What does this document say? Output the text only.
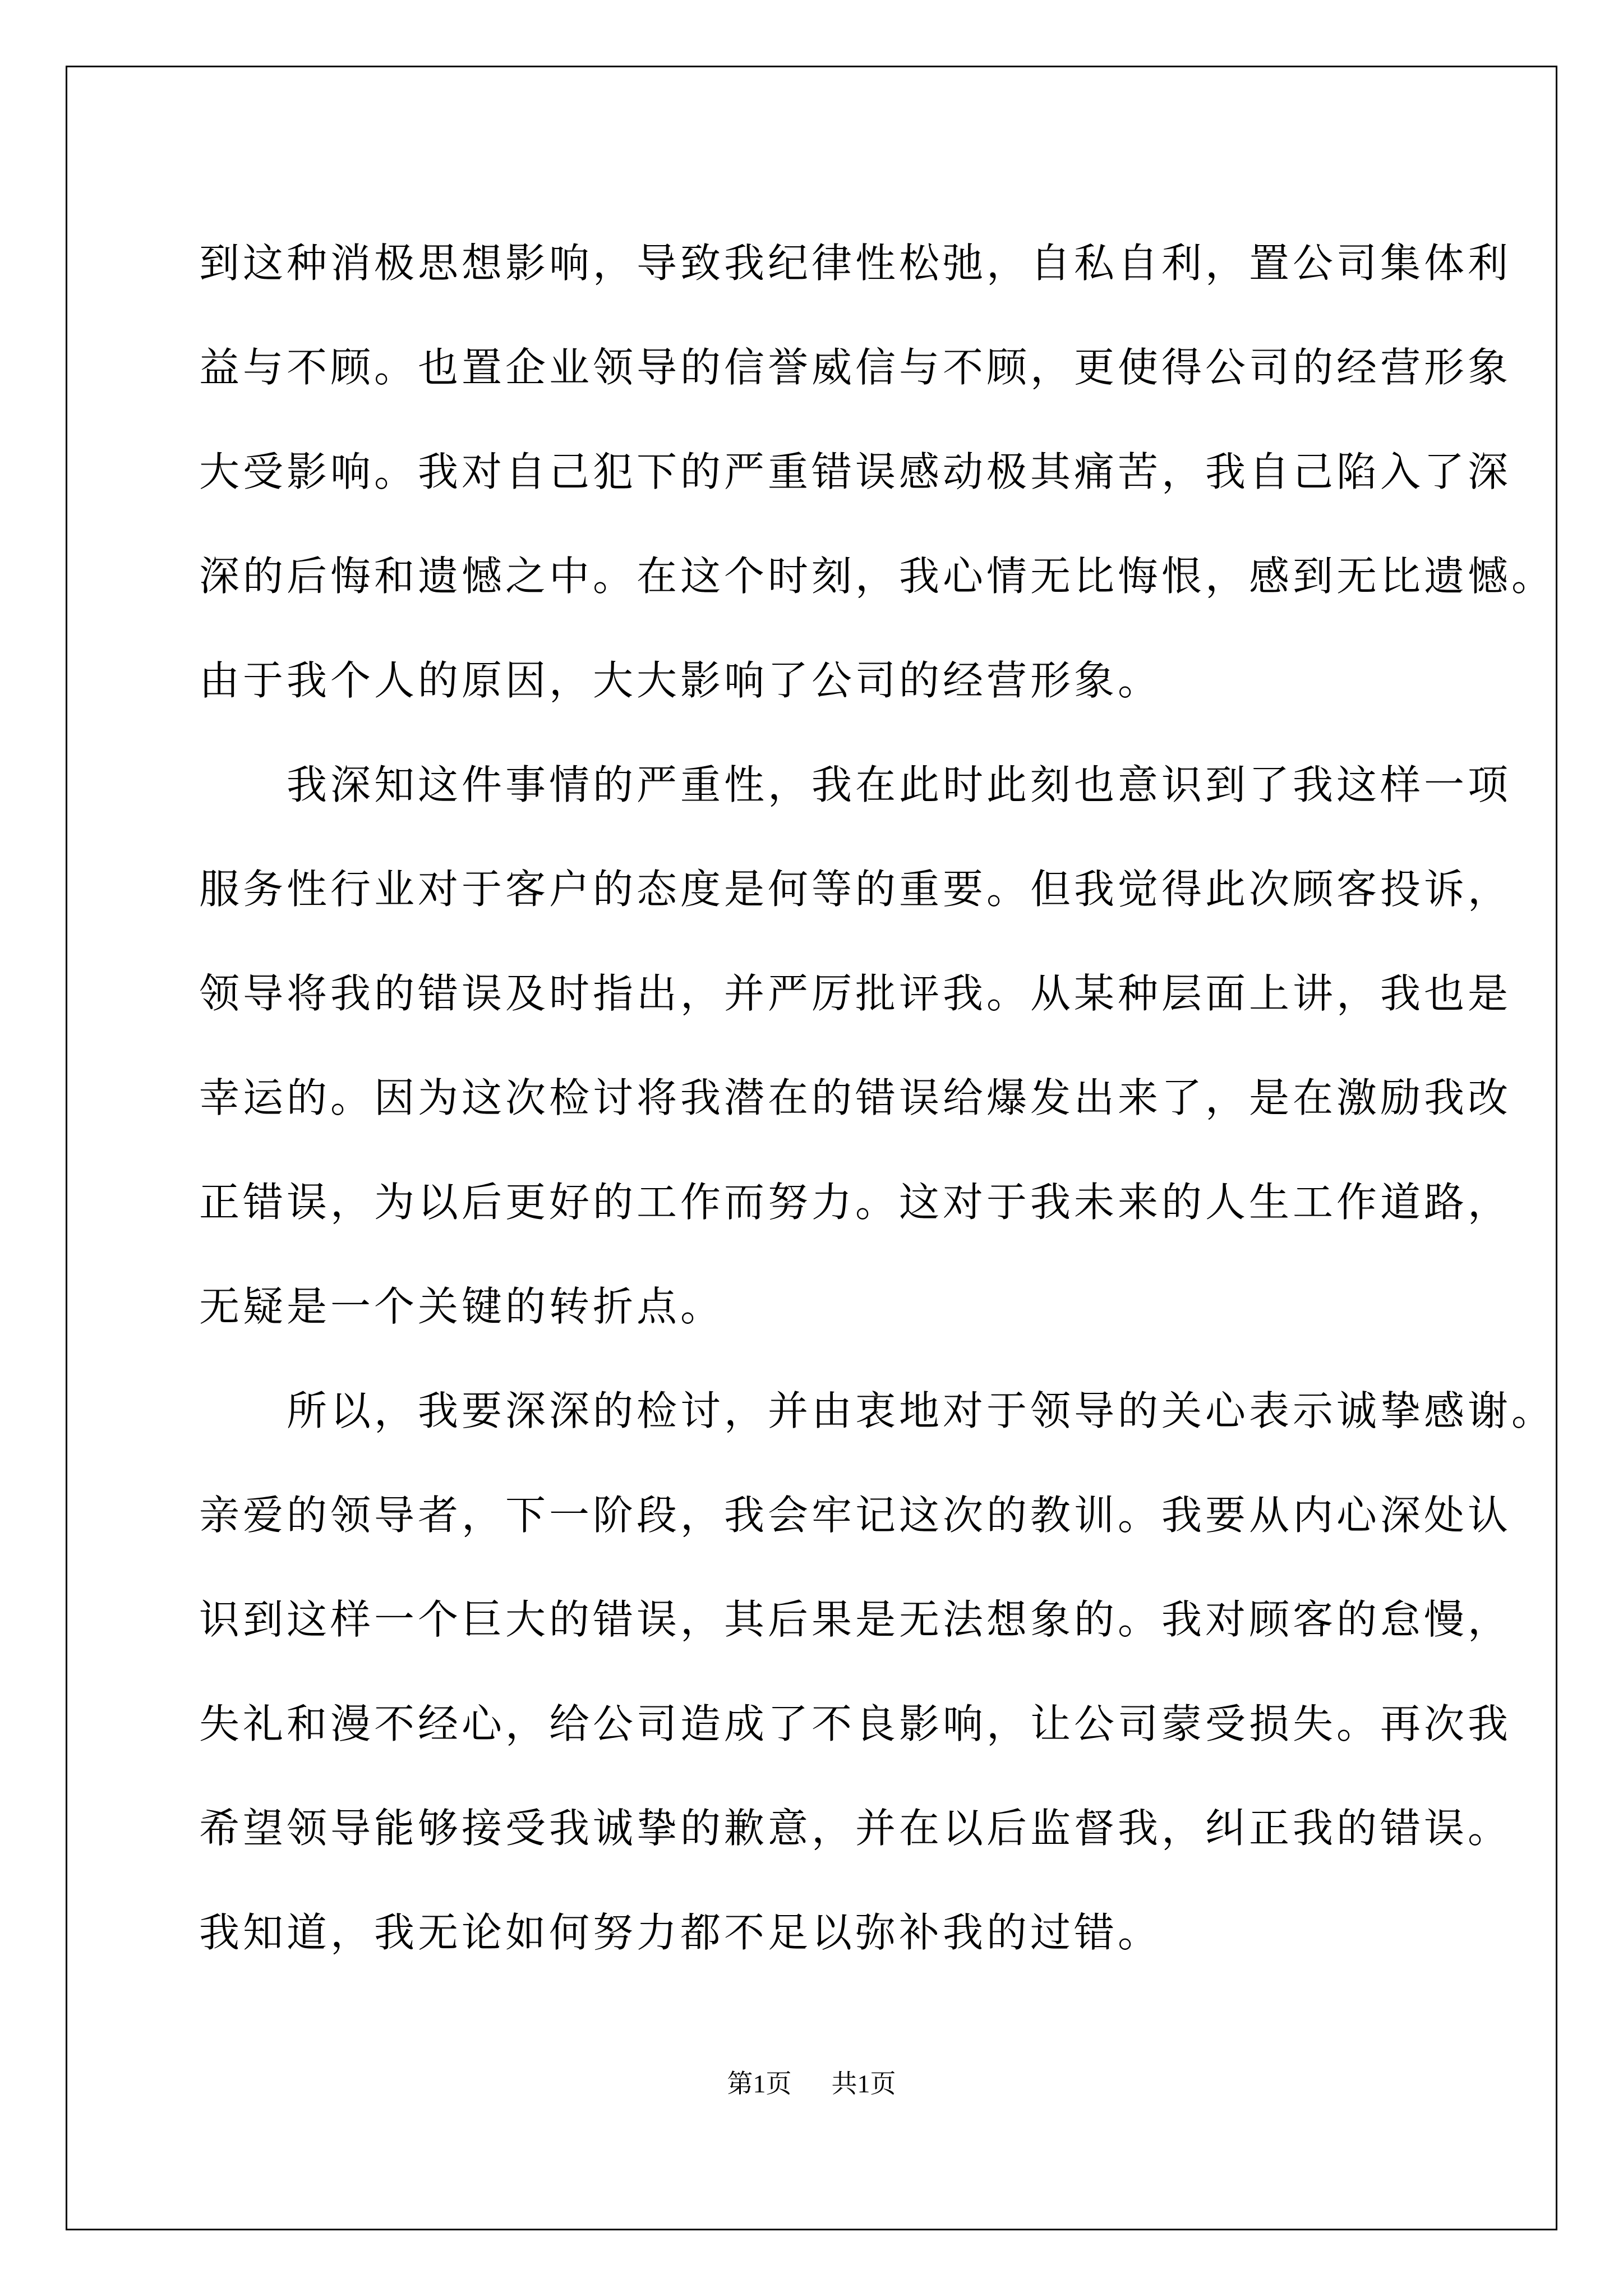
到这种消极思想影响，导致我纪律性松弛，自私自利，置公司集体利
益与不顾。也置企业领导的信誉威信与不顾，更使得公司的经营形象
大受影响。我对自己犯下的严重错误感动极其痛苦，我自己陷入了深
深的后悔和遗憾之中。在这个时刻，我心情无比悔恨，感到无比遗憾。
由于我个人的原因，大大影响了公司的经营形象。
　　我深知这件事情的严重性，我在此时此刻也意识到了我这样一项
服务性行业对于客户的态度是何等的重要。但我觉得此次顾客投诉，
领导将我的错误及时指出，并严厉批评我。从某种层面上讲，我也是
幸运的。因为这次检讨将我潜在的错误给爆发出来了，是在激励我改
正错误，为以后更好的工作而努力。这对于我未来的人生工作道路，
无疑是一个关键的转折点。
　　所以，我要深深的检讨，并由衷地对于领导的关心表示诚挚感谢。
亲爱的领导者，下一阶段，我会牢记这次的教训。我要从内心深处认
识到这样一个巨大的错误，其后果是无法想象的。我对顾客的怠慢，
失礼和漫不经心，给公司造成了不良影响，让公司蒙受损失。再次我
希望领导能够接受我诚挚的歉意，并在以后监督我，纠正我的错误。
我知道，我无论如何努力都不足以弥补我的过错。
第1页 共1页
